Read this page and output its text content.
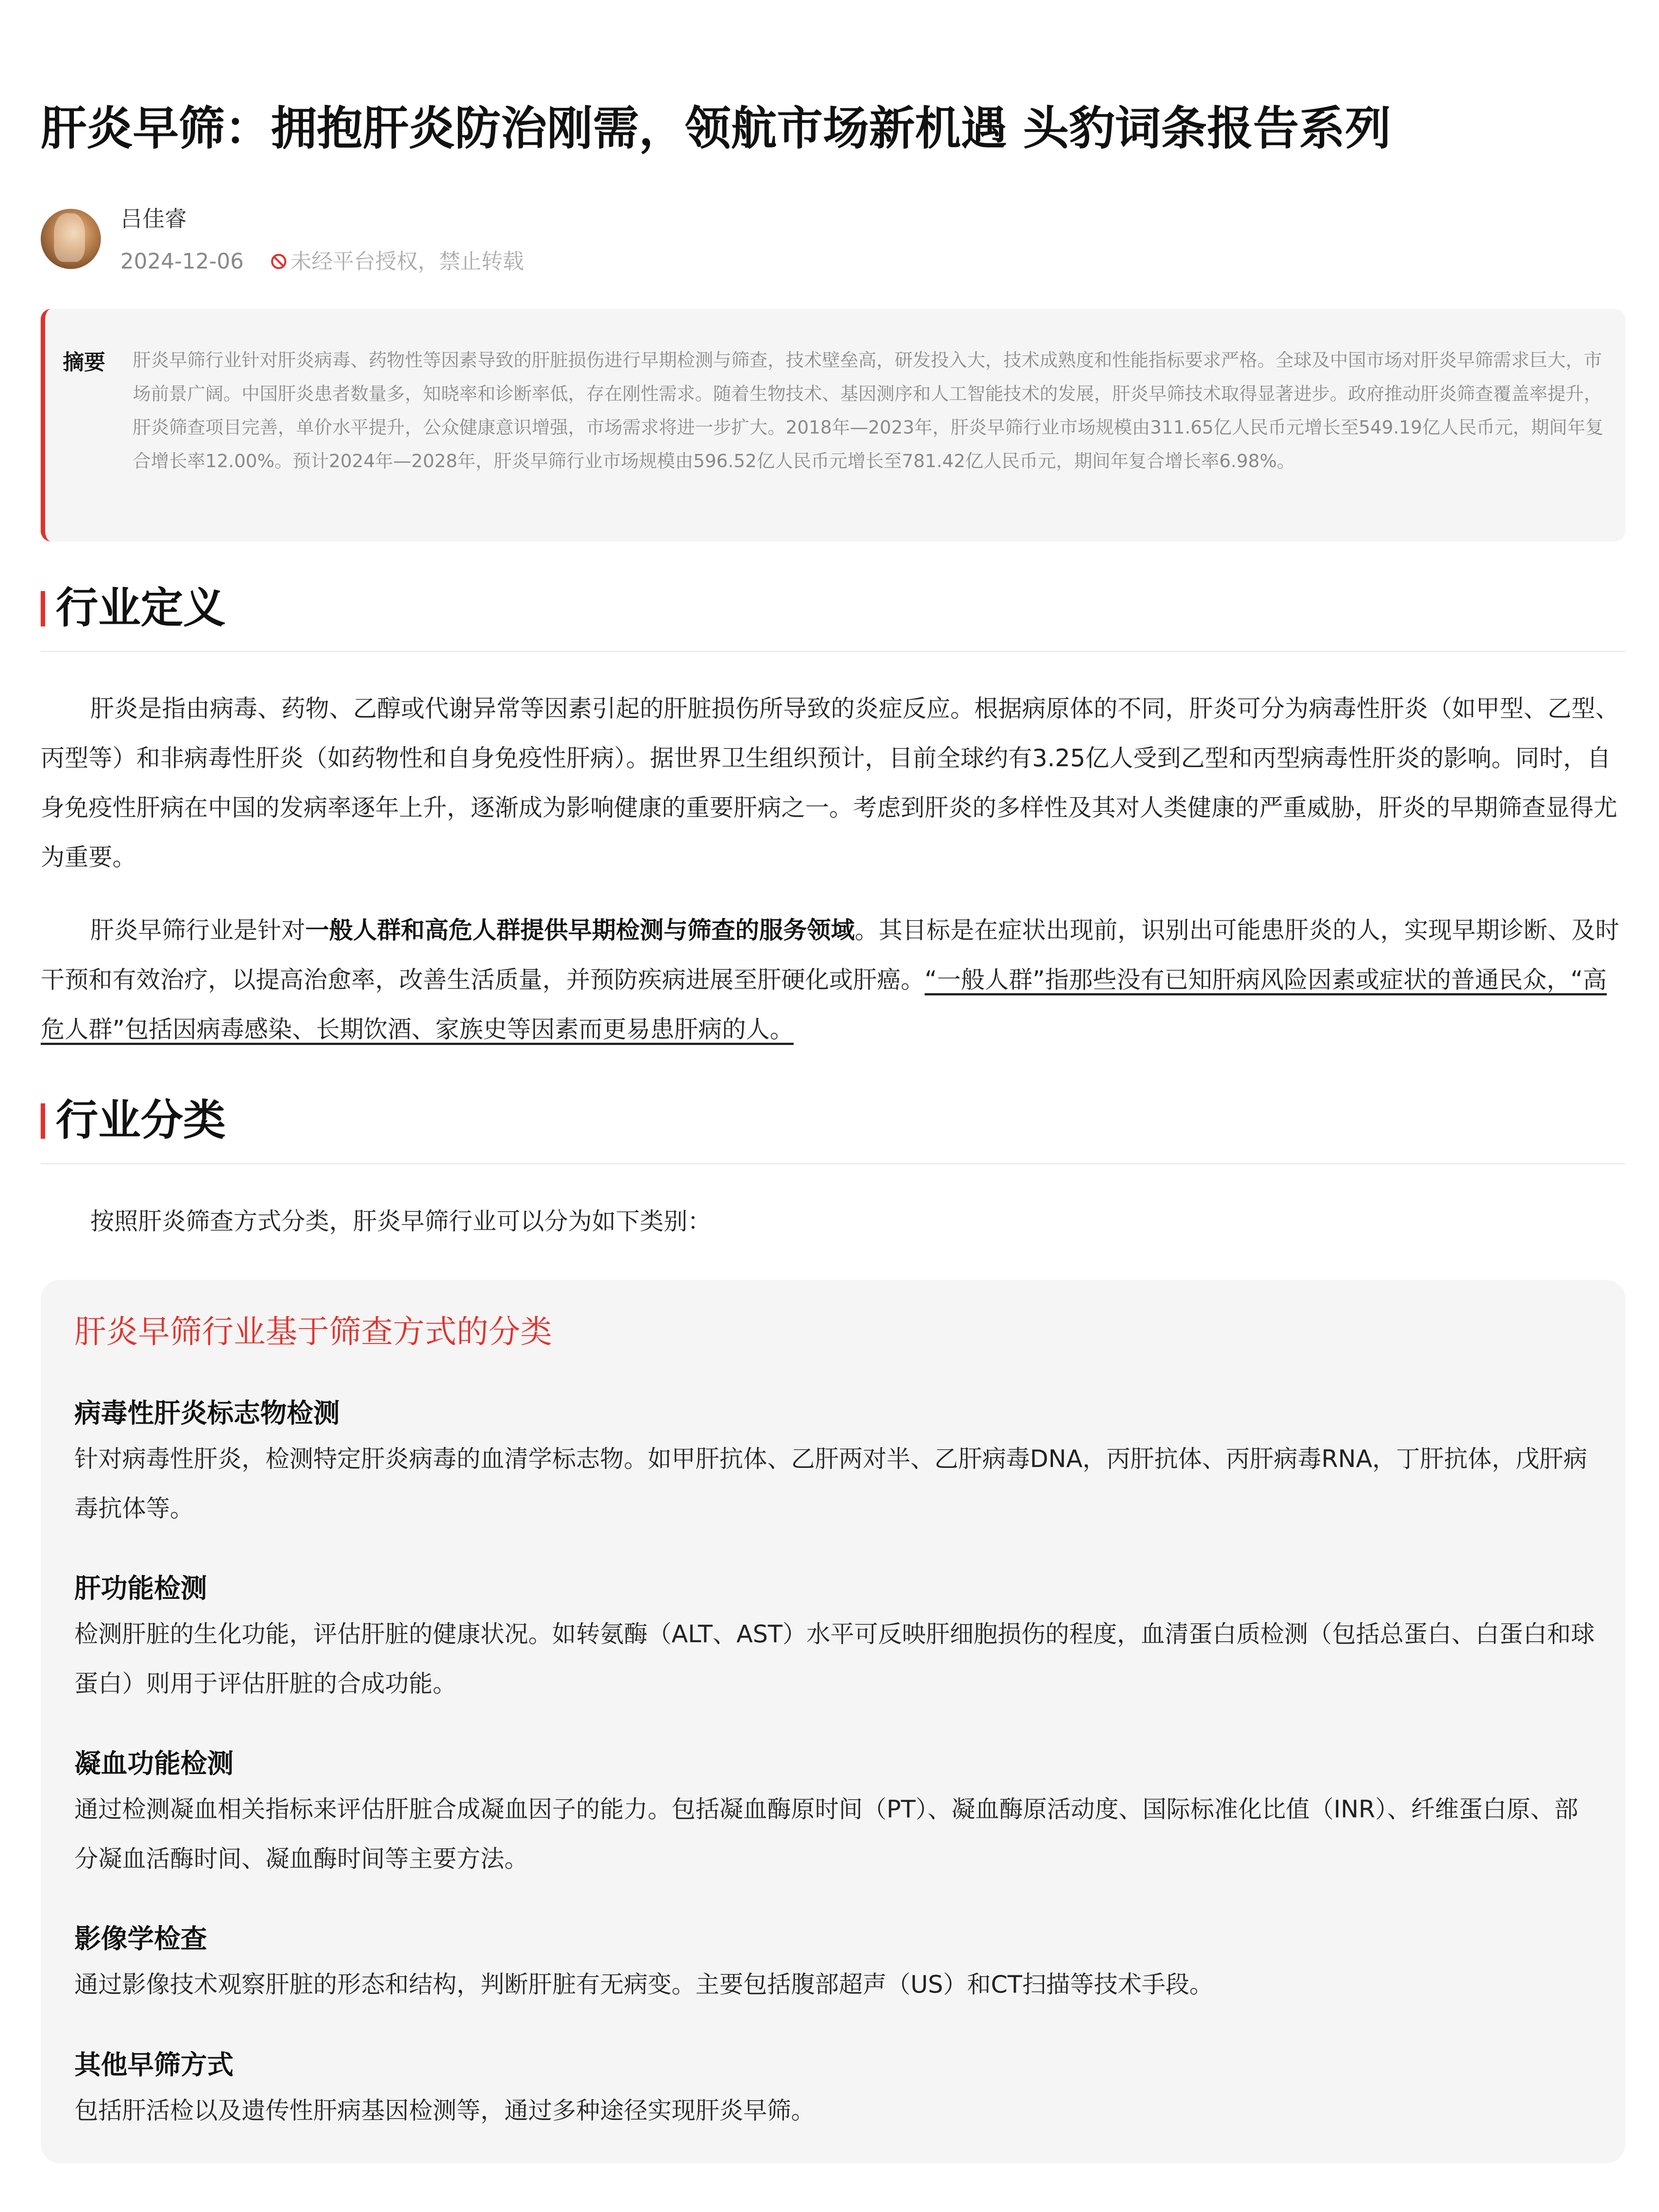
肝炎早筛：拥抱肝炎防治刚需，领航市场新机遇 头豹词条报告系列
吕佳睿
2024-12-06 未经平台授权，禁止转载
摘要 肝炎早筛行业针对肝炎病毒、药物性等因素导致的肝脏损伤进行早期检测与筛查，技术壁垒高，研发投入大，技术成熟度和性能指标要求严格。全球及中国市场对肝炎早筛需求巨大，市场前景广阔。中国肝炎患者数量多，知晓率和诊断率低，存在刚性需求。随着生物技术、基因测序和人工智能技术的发展，肝炎早筛技术取得显著进步。政府推动肝炎筛查覆盖率提升，肝炎筛查项目完善，单价水平提升，公众健康意识增强，市场需求将进一步扩大。2018年—2023年，肝炎早筛行业市场规模由311.65亿人民币元增长至549.19亿人民币元，期间年复合增长率12.00%。预计2024年—2028年，肝炎早筛行业市场规模由596.52亿人民币元增长至781.42亿人民币元，期间年复合增长率6.98%。

行业定义

肝炎是指由病毒、药物、乙醇或代谢异常等因素引起的肝脏损伤所导致的炎症反应。根据病原体的不同，肝炎可分为病毒性肝炎（如甲型、乙型、丙型等）和非病毒性肝炎（如药物性和自身免疫性肝病）。据世界卫生组织预计，目前全球约有3.25亿人受到乙型和丙型病毒性肝炎的影响。同时，自身免疫性肝病在中国的发病率逐年上升，逐渐成为影响健康的重要肝病之一。考虑到肝炎的多样性及其对人类健康的严重威胁，肝炎的早期筛查显得尤为重要。

肝炎早筛行业是针对一般人群和高危人群提供早期检测与筛查的服务领域。其目标是在症状出现前，识别出可能患肝炎的人，实现早期诊断、及时干预和有效治疗，以提高治愈率，改善生活质量，并预防疾病进展至肝硬化或肝癌。“一般人群”指那些没有已知肝病风险因素或症状的普通民众，“高危人群”包括因病毒感染、长期饮酒、家族史等因素而更易患肝病的人。

行业分类

按照肝炎筛查方式分类，肝炎早筛行业可以分为如下类别：

肝炎早筛行业基于筛查方式的分类
病毒性肝炎标志物检测

针对病毒性肝炎，检测特定肝炎病毒的血清学标志物。如甲肝抗体、乙肝两对半、乙肝病毒DNA，丙肝抗体、丙肝病毒RNA，丁肝抗体，戊肝病毒抗体等。

肝功能检测

检测肝脏的生化功能，评估肝脏的健康状况。如转氨酶（ALT、AST）水平可反映肝细胞损伤的程度，血清蛋白质检测（包括总蛋白、白蛋白和球蛋白）则用于评估肝脏的合成功能。

凝血功能检测

通过检测凝血相关指标来评估肝脏合成凝血因子的能力。包括凝血酶原时间（PT）、凝血酶原活动度、国际标准化比值（INR）、纤维蛋白原、部分凝血活酶时间、凝血酶时间等主要方法。

影像学检查

通过影像技术观察肝脏的形态和结构，判断肝脏有无病变。主要包括腹部超声（US）和CT扫描等技术手段。

其他早筛方式

包括肝活检以及遗传性肝病基因检测等，通过多种途径实现肝炎早筛。
